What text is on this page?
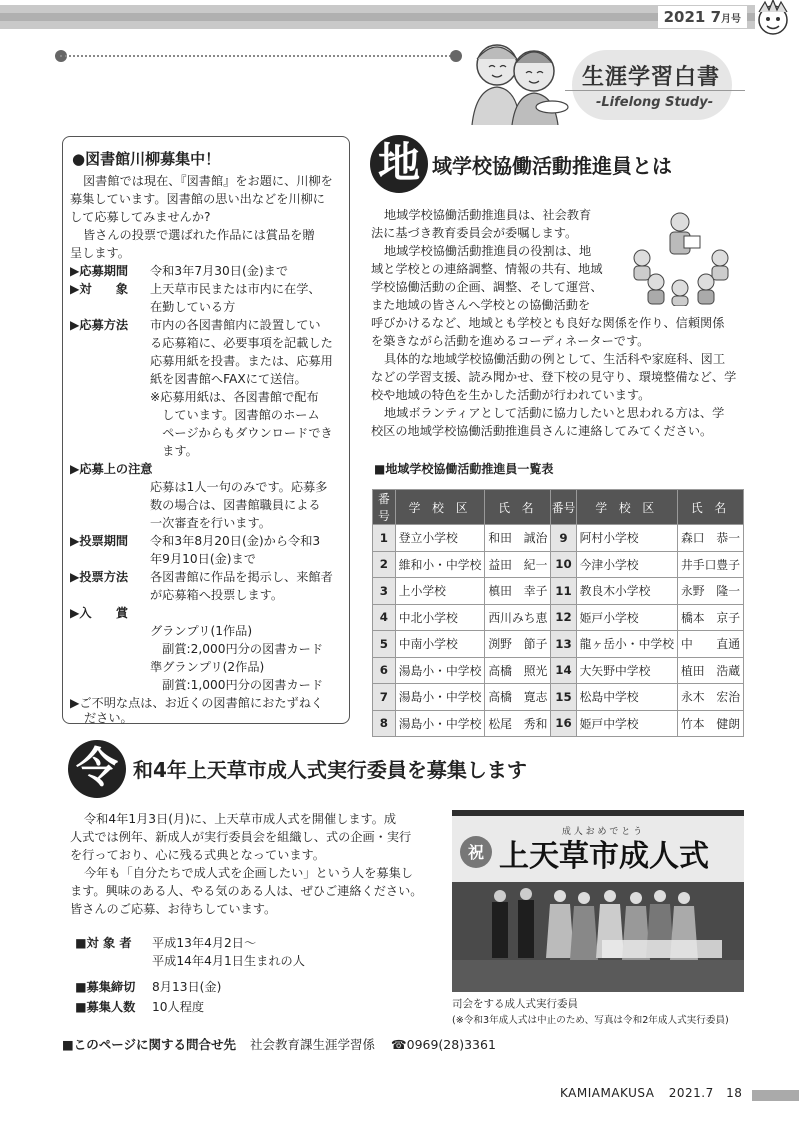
2021 7月号
生涯学習白書
-Lifelong Study-
●図書館川柳募集中！
図書館では現在、『図書館』をお題に、川柳を
募集しています。図書館の思い出などを川柳に
して応募してみませんか?
皆さんの投票で選ばれた作品には賞品を贈
呈します。
▶応募期間 令和3年7月30日(金)まで
▶対　　象 上天草市民または市内に在学、
在勤している方
▶応募方法 市内の各図書館内に設置してい
る応募箱に、必要事項を記載した
応募用紙を投書。または、応募用
紙を図書館へFAXにて送信。
※応募用紙は、各図書館で配布
　しています。図書館のホーム
　ページからもダウンロードでき
　ます。
▶応募上の注意
応募は1人一句のみです。応募多
数の場合は、図書館職員による
一次審査を行います。
▶投票期間 令和3年8月20日(金)から令和3
年9月10日(金)まで
▶投票方法 各図書館に作品を掲示し、来館者
が応募箱へ投票します。
▶入　　賞
グランプリ(1作品)
　副賞:2,000円分の図書カード
準グランプリ(2作品)
　副賞:1,000円分の図書カード
▶ご不明な点は、お近くの図書館におたずねく
ださい。
地 域学校協働活動推進員とは
地域学校協働活動推進員は、社会教育
法に基づき教育委員会が委嘱します。
地域学校協働活動推進員の役割は、地
域と学校との連絡調整、情報の共有、地域
学校協働活動の企画、調整、そして運営、
また地域の皆さんへ学校との協働活動を
呼びかけるなど、地域とも学校とも良好な関係を作り、信頼関係
を築きながら活動を進めるコーディネーターです。
具体的な地域学校協働活動の例として、生活科や家庭科、図工
などの学習支援、読み聞かせ、登下校の見守り、環境整備など、学
校や地域の特色を生かした活動が行われています。
地域ボランティアとして活動に協力したいと思われる方は、学
校区の地域学校協働活動推進員さんに連絡してみてください。
■地域学校協働活動推進員一覧表
番号	学 校 区	氏 名	番号	学 校 区	氏 名
1	登立小学校	和田　誠治	9	阿村小学校	森口　恭一
2	維和小・中学校	益田　紀一	10	今津小学校	井手口豊子
3	上小学校	槙田　幸子	11	教良木小学校	永野　隆一
4	中北小学校	西川みち恵	12	姫戸小学校	橋本　京子
5	中南小学校	渕野　節子	13	龍ヶ岳小・中学校	中　　直通
6	湯島小・中学校	高橋　照光	14	大矢野中学校	植田　浩蔵
7	湯島小・中学校	高橋　寛志	15	松島中学校	永木　宏治
8	湯島小・中学校	松尾　秀和	16	姫戸中学校	竹本　健朗
令 和4年上天草市成人式実行委員を募集します
令和4年1月3日(月)に、上天草市成人式を開催します。成
人式では例年、新成人が実行委員会を組織し、式の企画・実行
を行っており、心に残る式典となっています。
今年も「自分たちで成人式を企画したい」という人を募集し
ます。興味のある人、やる気のある人は、ぜひご連絡ください。
皆さんのご応募、お待ちしています。
■対 象 者 平成13年4月2日〜
平成14年4月1日生まれの人
■募集締切 8月13日(金)
■募集人数 10人程度
祝
成 人 お め で と う
上天草市成人式
司会をする成人式実行委員
(※令和3年成人式は中止のため、写真は令和2年成人式実行委員)
■このページに関する問合せ先 社会教育課生涯学習係 ☎0969(28)3361
KAMIAMAKUSA 2021.7 18
